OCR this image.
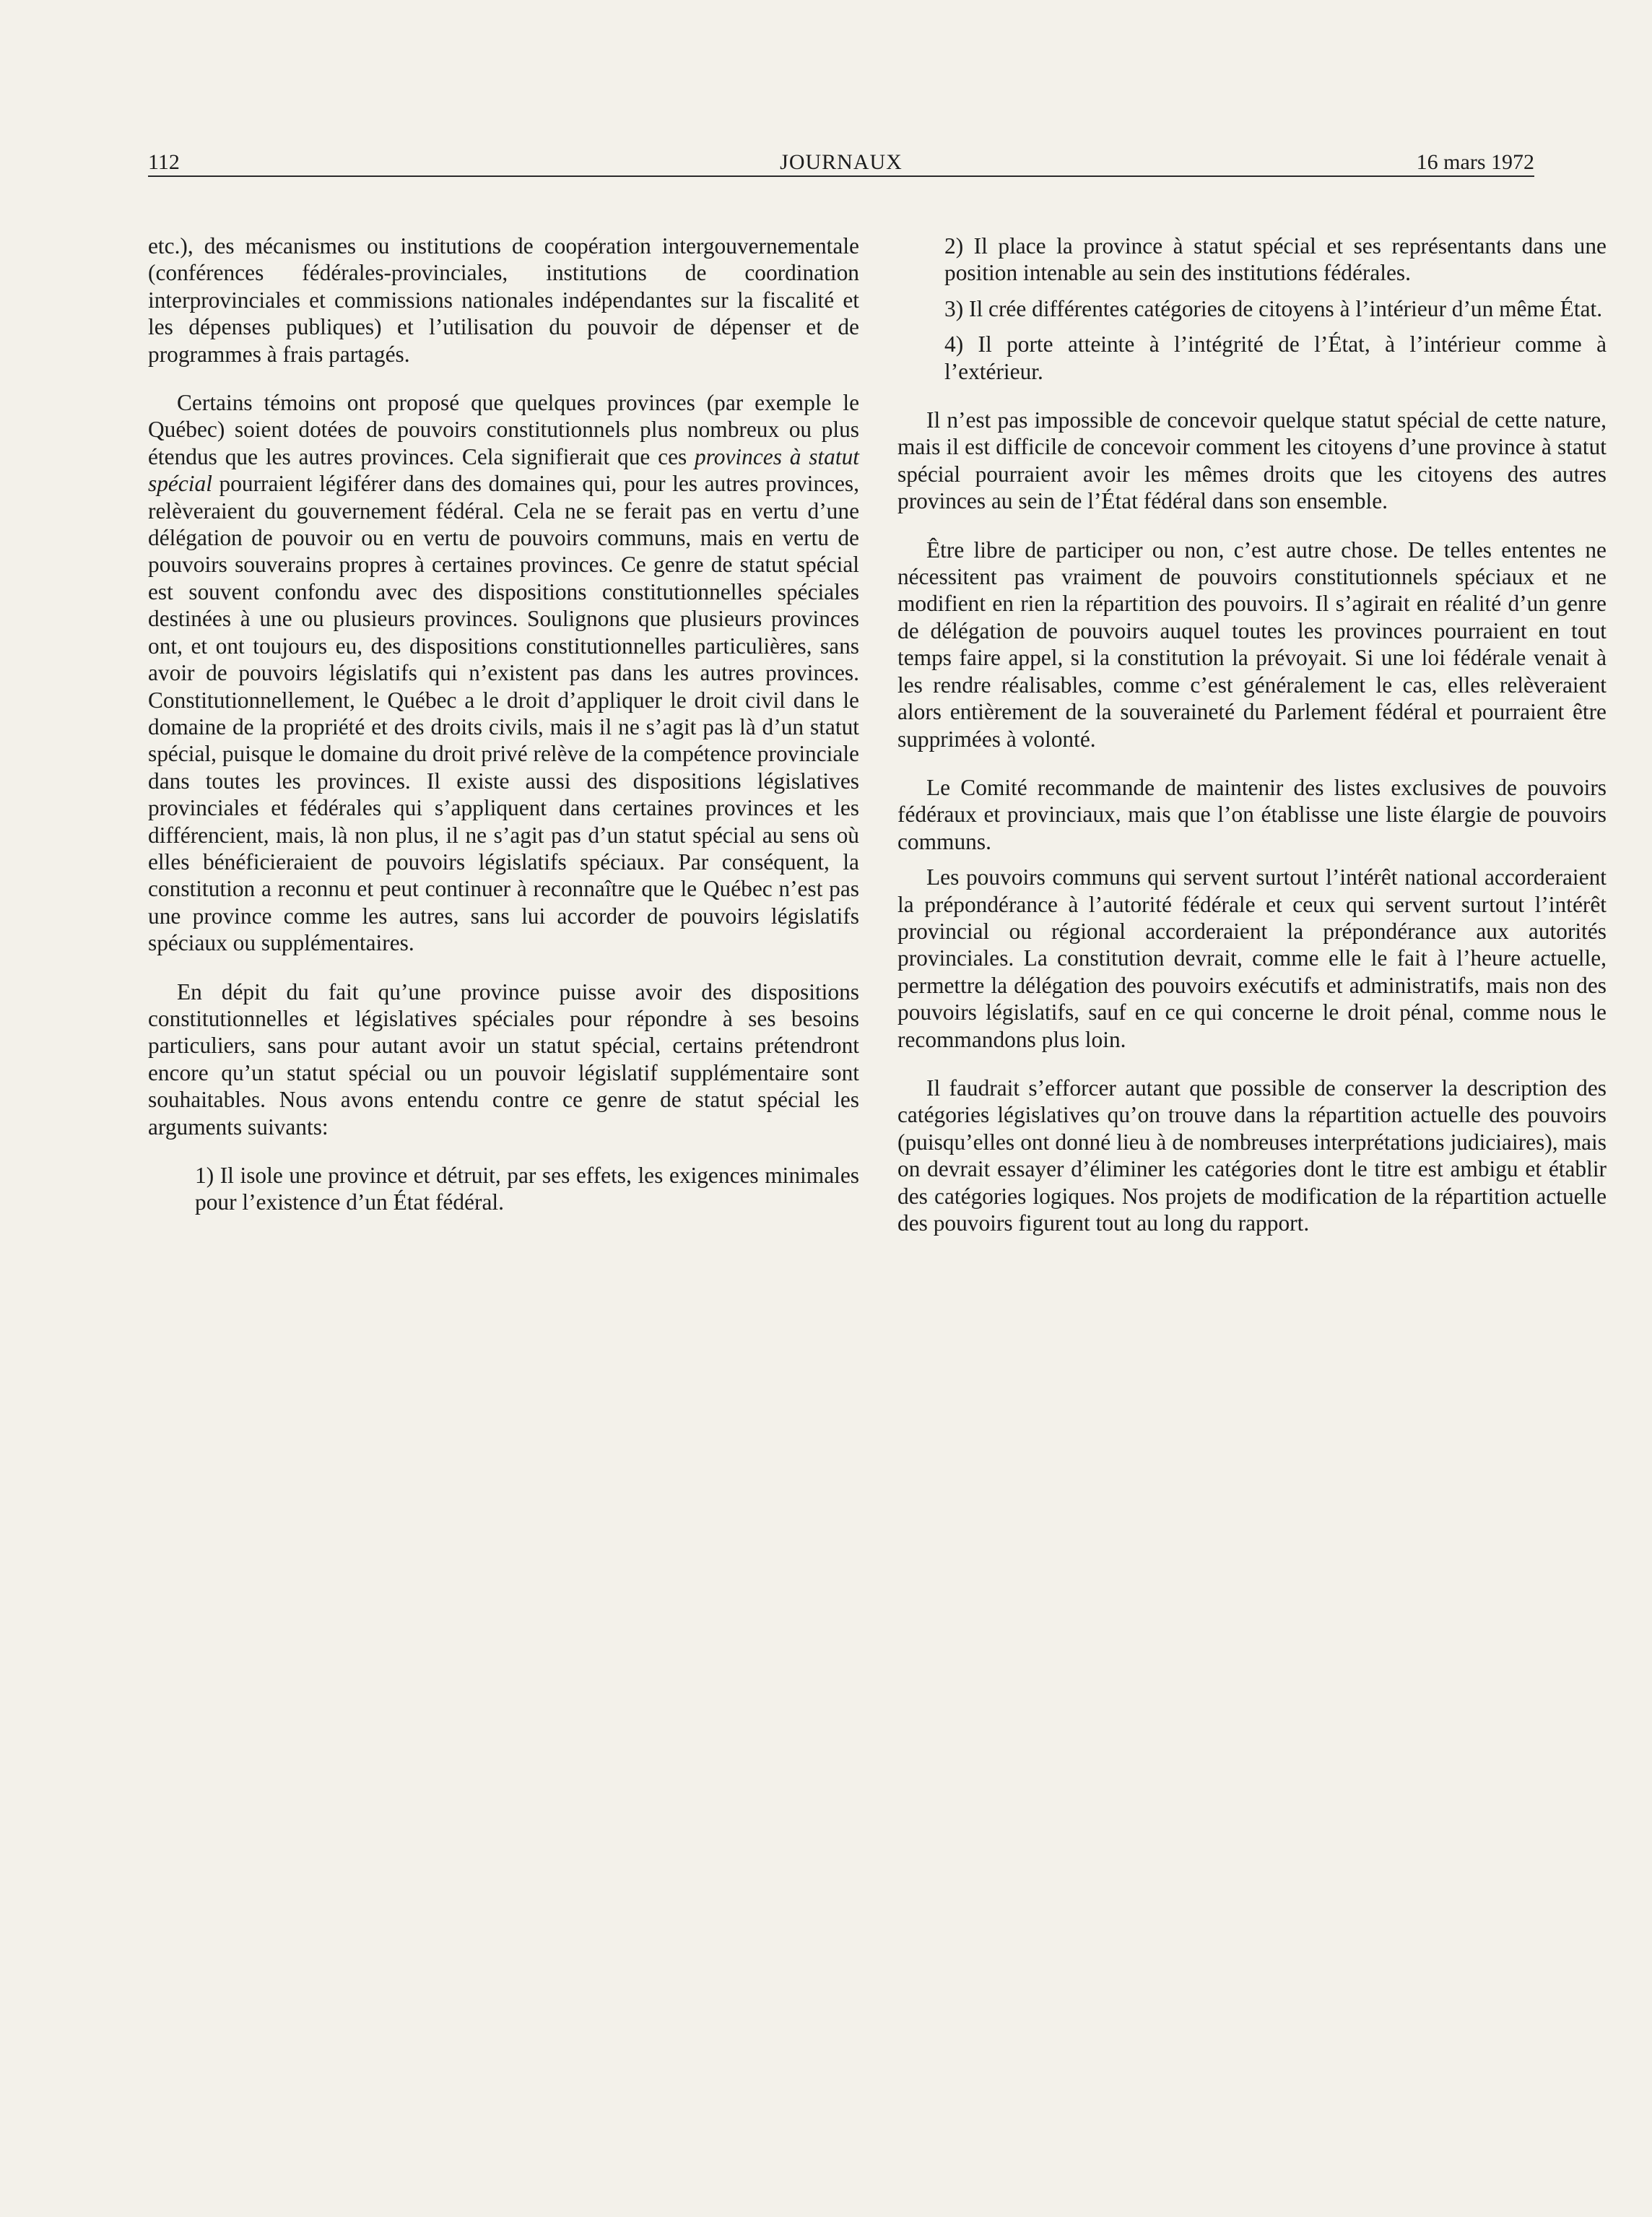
112	JOURNAUX	16 mars 1972

etc.), des mécanismes ou institutions de coopération intergouvernementale (conférences fédérales-provinciales, institutions de coordination interprovinciales et commissions nationales indépendantes sur la fiscalité et les dépenses publiques) et l’utilisation du pouvoir de dépenser et de programmes à frais partagés.

Certains témoins ont proposé que quelques provinces (par exemple le Québec) soient dotées de pouvoirs constitutionnels plus nombreux ou plus étendus que les autres provinces. Cela signifierait que ces provinces à statut spécial pourraient légiférer dans des domaines qui, pour les autres provinces, relèveraient du gouvernement fédéral. Cela ne se ferait pas en vertu d’une délégation de pouvoir ou en vertu de pouvoirs communs, mais en vertu de pouvoirs souverains propres à certaines provinces. Ce genre de statut spécial est souvent confondu avec des dispositions constitutionnelles spéciales destinées à une ou plusieurs provinces. Soulignons que plusieurs provinces ont, et ont toujours eu, des dispositions constitutionnelles particulières, sans avoir de pouvoirs législatifs qui n’existent pas dans les autres provinces. Constitutionnellement, le Québec a le droit d’appliquer le droit civil dans le domaine de la propriété et des droits civils, mais il ne s’agit pas là d’un statut spécial, puisque le domaine du droit privé relève de la compétence provinciale dans toutes les provinces. Il existe aussi des dispositions législatives provinciales et fédérales qui s’appliquent dans certaines provinces et les différencient, mais, là non plus, il ne s’agit pas d’un statut spécial au sens où elles bénéficieraient de pouvoirs législatifs spéciaux. Par conséquent, la constitution a reconnu et peut continuer à reconnaître que le Québec n’est pas une province comme les autres, sans lui accorder de pouvoirs législatifs spéciaux ou supplémentaires.

En dépit du fait qu’une province puisse avoir des dispositions constitutionnelles et législatives spéciales pour répondre à ses besoins particuliers, sans pour autant avoir un statut spécial, certains prétendront encore qu’un statut spécial ou un pouvoir législatif supplémentaire sont souhaitables. Nous avons entendu contre ce genre de statut spécial les arguments suivants:

1) Il isole une province et détruit, par ses effets, les exigences minimales pour l’existence d’un État fédéral.

2) Il place la province à statut spécial et ses représentants dans une position intenable au sein des institutions fédérales.

3) Il crée différentes catégories de citoyens à l’intérieur d’un même État.

4) Il porte atteinte à l’intégrité de l’État, à l’intérieur comme à l’extérieur.

Il n’est pas impossible de concevoir quelque statut spécial de cette nature, mais il est difficile de concevoir comment les citoyens d’une province à statut spécial pourraient avoir les mêmes droits que les citoyens des autres provinces au sein de l’État fédéral dans son ensemble.

Être libre de participer ou non, c’est autre chose. De telles ententes ne nécessitent pas vraiment de pouvoirs constitutionnels spéciaux et ne modifient en rien la répartition des pouvoirs. Il s’agirait en réalité d’un genre de délégation de pouvoirs auquel toutes les provinces pourraient en tout temps faire appel, si la constitution la prévoyait. Si une loi fédérale venait à les rendre réalisables, comme c’est généralement le cas, elles relèveraient alors entièrement de la souveraineté du Parlement fédéral et pourraient être supprimées à volonté.

Le Comité recommande de maintenir des listes exclusives de pouvoirs fédéraux et provinciaux, mais que l’on établisse une liste élargie de pouvoirs communs.

Les pouvoirs communs qui servent surtout l’intérêt national accorderaient la prépondérance à l’autorité fédérale et ceux qui servent surtout l’intérêt provincial ou régional accorderaient la prépondérance aux autorités provinciales. La constitution devrait, comme elle le fait à l’heure actuelle, permettre la délégation des pouvoirs exécutifs et administratifs, mais non des pouvoirs législatifs, sauf en ce qui concerne le droit pénal, comme nous le recommandons plus loin.

Il faudrait s’efforcer autant que possible de conserver la description des catégories législatives qu’on trouve dans la répartition actuelle des pouvoirs (puisqu’elles ont donné lieu à de nombreuses interprétations judiciaires), mais on devrait essayer d’éliminer les catégories dont le titre est ambigu et établir des catégories logiques. Nos projets de modification de la répartition actuelle des pouvoirs figurent tout au long du rapport.
